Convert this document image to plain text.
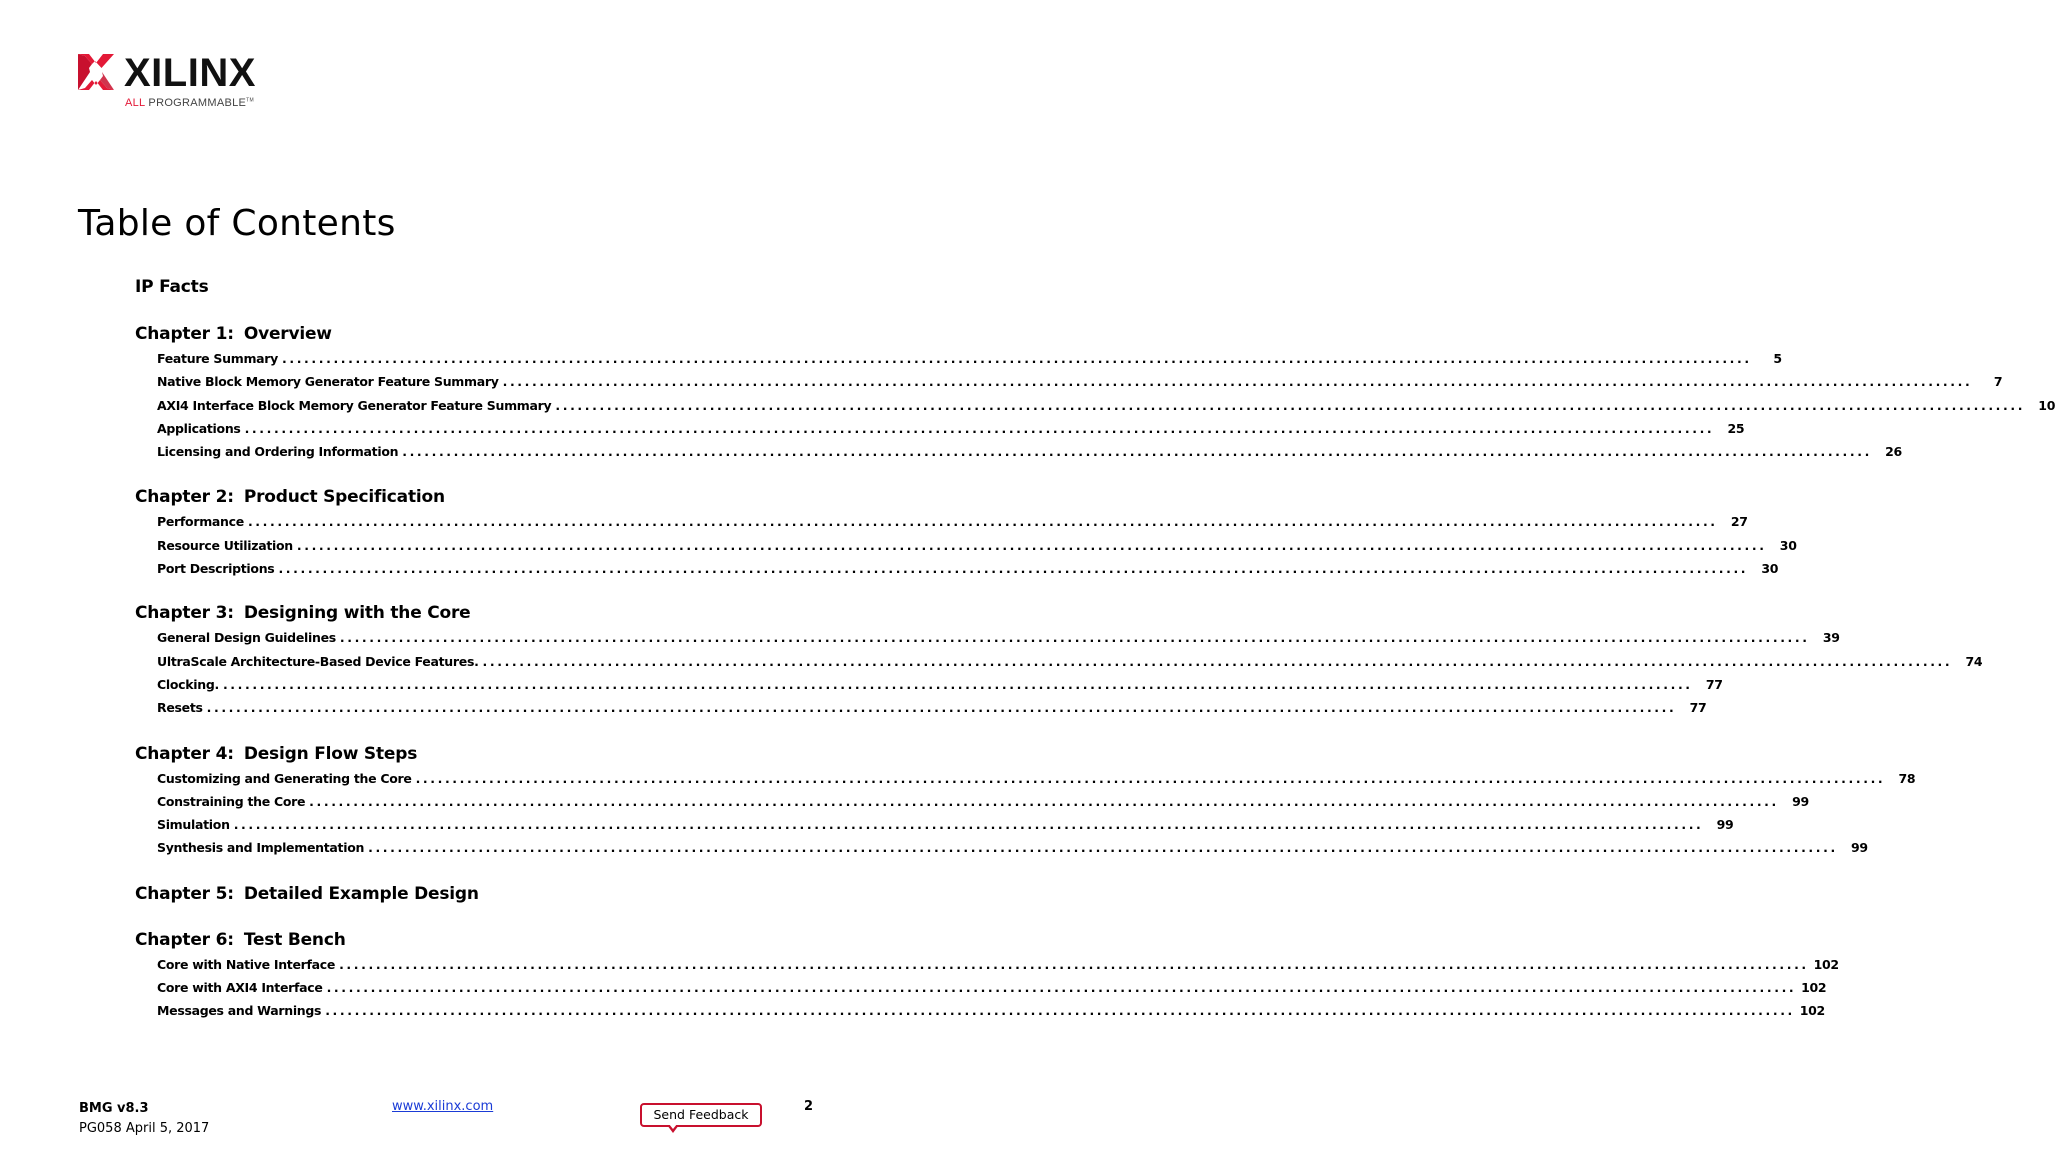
XILINX
ALL PROGRAMMABLE™
Table of Contents
IP Facts
Chapter 1: Overview
Feature Summary ........................................................................................................................................................................................................	5
Native Block Memory Generator Feature Summary ........................................................................................................................................................................................................	7
AXI4 Interface Block Memory Generator Feature Summary ........................................................................................................................................................................................................	10
Applications ........................................................................................................................................................................................................	25
Licensing and Ordering Information ........................................................................................................................................................................................................	26
Chapter 2: Product Specification
Performance ........................................................................................................................................................................................................	27
Resource Utilization ........................................................................................................................................................................................................	30
Port Descriptions ........................................................................................................................................................................................................	30
Chapter 3: Designing with the Core
General Design Guidelines ........................................................................................................................................................................................................	39
UltraScale Architecture-Based Device Features. ........................................................................................................................................................................................................	74
Clocking. ........................................................................................................................................................................................................	77
Resets ........................................................................................................................................................................................................	77
Chapter 4: Design Flow Steps
Customizing and Generating the Core ........................................................................................................................................................................................................	78
Constraining the Core ........................................................................................................................................................................................................	99
Simulation ........................................................................................................................................................................................................	99
Synthesis and Implementation ........................................................................................................................................................................................................	99
Chapter 5: Detailed Example Design
Chapter 6: Test Bench
Core with Native Interface ........................................................................................................................................................................................................ 102
Core with AXI4 Interface ........................................................................................................................................................................................................ 102
Messages and Warnings ........................................................................................................................................................................................................ 102
BMG v8.3
PG058 April 5, 2017
www.xilinx.com
Send Feedback
2
